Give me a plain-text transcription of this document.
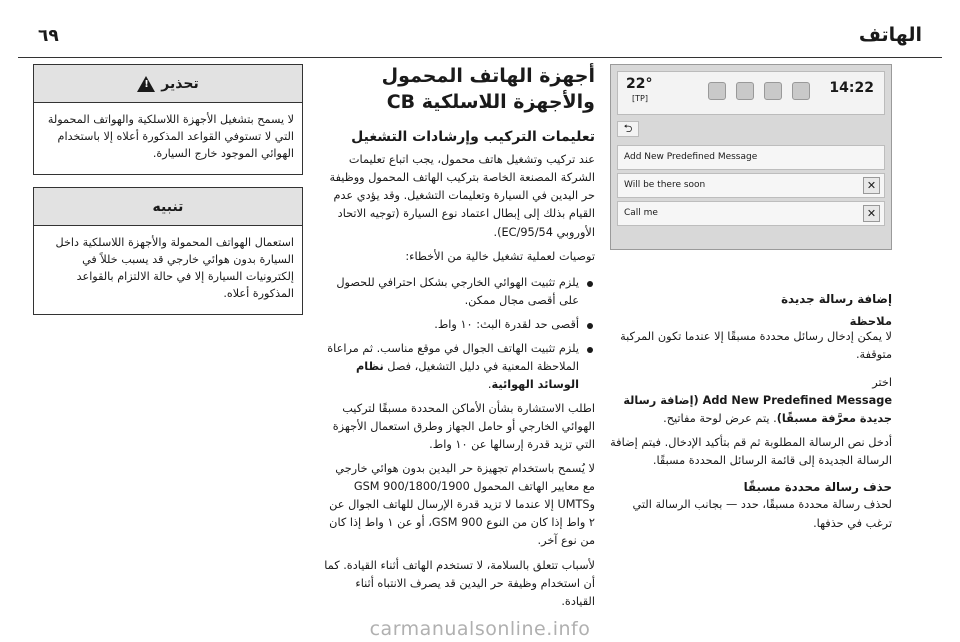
٦٩	الهاتف
تحذير
!
لا يسمح بتشغيل الأجهزة اللاسلكية والهواتف المحمولة التي لا تستوفي القواعد المذكورة أعلاه إلا باستخدام الهوائي الموجود خارج السيارة.
تنبيه
استعمال الهواتف المحمولة والأجهزة اللاسلكية داخل السيارة بدون هوائي خارجي قد يسبب خللاً في إلكترونيات السيارة إلا في حالة الالتزام بالقواعد المذكورة أعلاه.
أجهزة الهاتف المحمول والأجهزة اللاسلكية CB
تعليمات التركيب وإرشادات التشغيل

عند تركيب وتشغيل هاتف محمول، يجب اتباع تعليمات الشركة المصنعة الخاصة بتركيب الهاتف المحمول ووظيفة حر اليدين في السيارة وتعليمات التشغيل. وقد يؤدي عدم القيام بذلك إلى إبطال اعتماد نوع السيارة (توجيه الاتحاد الأوروبي 95/54/EC).

توصيات لعملية تشغيل خالية من الأخطاء:

يلزم تثبيت الهوائي الخارجي بشكل احترافي للحصول على أقصى مجال ممكن.
أقصى حد لقدرة البث: ١٠ واط.
يلزم تثبيت الهاتف الجوال في موقع مناسب. ثم مراعاة الملاحظة المعنية في دليل التشغيل، فصل نظام الوسائد الهوائية.

اطلب الاستشارة بشأن الأماكن المحددة مسبقًا لتركيب الهوائي الخارجي أو حامل الجهاز وطرق استعمال الأجهزة التي تزيد قدرة إرسالها عن ١٠ واط.

لا يُسمح باستخدام تجهيزة حر اليدين بدون هوائي خارجي مع معايير الهاتف المحمول GSM 900/1800/1900 وUMTS إلا عندما لا تزيد قدرة الإرسال للهاتف الجوال عن ٢ واط إذا كان من النوع GSM 900، أو عن ١ واط إذا كان من نوع آخر.

لأسباب تتعلق بالسلامة، لا تستخدم الهاتف أثناء القيادة. كما أن استخدام وظيفة حر اليدين قد يصرف الانتباه أثناء القيادة.

22°
[TP]
14:22
⮌
Add New Predefined Message
Will be there soon	✕
Call me	✕
إضافة رسالة جديدة
ملاحظة

لا يمكن إدخال رسائل محددة مسبقًا إلا عندما تكون المركبة متوقفة.

اختر

Add New Predefined Message (إضافة رسالة جديدة معرَّفة مسبقًا). يتم عرض لوحة مفاتيح.

أدخل نص الرسالة المطلوبة ثم قم بتأكيد الإدخال. فيتم إضافة الرسالة الجديدة إلى قائمة الرسائل المحددة مسبقًا.

حذف رسالة محددة مسبقًا

لحذف رسالة محددة مسبقًا، حدد — بجانب الرسالة التي ترغب في حذفها.

carmanualsonline.info
